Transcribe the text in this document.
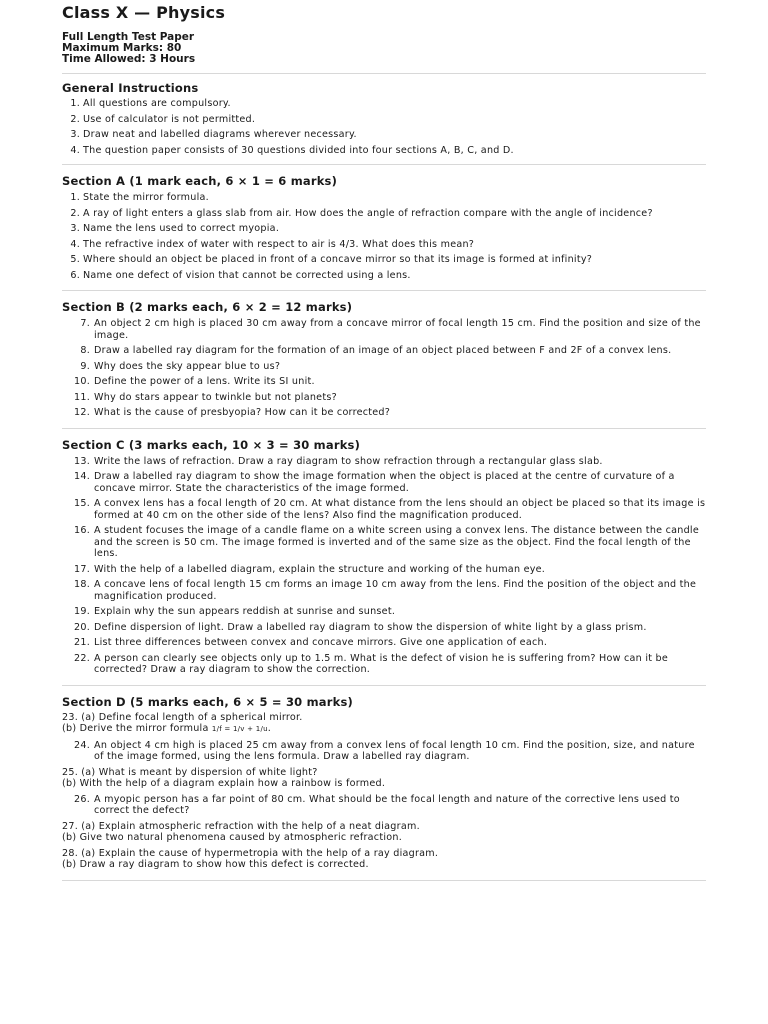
Class X — Physics
Full Length Test Paper
Maximum Marks: 80
Time Allowed: 3 Hours
General Instructions
1. All questions are compulsory.
2. Use of calculator is not permitted.
3. Draw neat and labelled diagrams wherever necessary.
4. The question paper consists of 30 questions divided into four sections A, B, C, and D.
Section A (1 mark each, 6 × 1 = 6 marks)
1. State the mirror formula.
2. A ray of light enters a glass slab from air. How does the angle of refraction compare with the angle of incidence?
3. Name the lens used to correct myopia.
4. The refractive index of water with respect to air is 4/3. What does this mean?
5. Where should an object be placed in front of a concave mirror so that its image is formed at infinity?
6. Name one defect of vision that cannot be corrected using a lens.
Section B (2 marks each, 6 × 2 = 12 marks)
7. An object 2 cm high is placed 30 cm away from a concave mirror of focal length 15 cm. Find the position and size of the image.
8. Draw a labelled ray diagram for the formation of an image of an object placed between F and 2F of a convex lens.
9. Why does the sky appear blue to us?
10. Define the power of a lens. Write its SI unit.
11. Why do stars appear to twinkle but not planets?
12. What is the cause of presbyopia? How can it be corrected?
Section C (3 marks each, 10 × 3 = 30 marks)
13. Write the laws of refraction. Draw a ray diagram to show refraction through a rectangular glass slab.
14. Draw a labelled ray diagram to show the image formation when the object is placed at the centre of curvature of a concave mirror. State the characteristics of the image formed.
15. A convex lens has a focal length of 20 cm. At what distance from the lens should an object be placed so that its image is formed at 40 cm on the other side of the lens? Also find the magnification produced.
16. A student focuses the image of a candle flame on a white screen using a convex lens. The distance between the candle and the screen is 50 cm. The image formed is inverted and of the same size as the object. Find the focal length of the lens.
17. With the help of a labelled diagram, explain the structure and working of the human eye.
18. A concave lens of focal length 15 cm forms an image 10 cm away from the lens. Find the position of the object and the magnification produced.
19. Explain why the sun appears reddish at sunrise and sunset.
20. Define dispersion of light. Draw a labelled ray diagram to show the dispersion of white light by a glass prism.
21. List three differences between convex and concave mirrors. Give one application of each.
22. A person can clearly see objects only up to 1.5 m. What is the defect of vision he is suffering from? How can it be corrected? Draw a ray diagram to show the correction.
Section D (5 marks each, 6 × 5 = 30 marks)
23. (a) Define focal length of a spherical mirror.
(b) Derive the mirror formula 1/f = 1/v + 1/u.
24. An object 4 cm high is placed 25 cm away from a convex lens of focal length 10 cm. Find the position, size, and nature of the image formed, using the lens formula. Draw a labelled ray diagram.
25. (a) What is meant by dispersion of white light?
(b) With the help of a diagram explain how a rainbow is formed.
26. A myopic person has a far point of 80 cm. What should be the focal length and nature of the corrective lens used to correct the defect?
27. (a) Explain atmospheric refraction with the help of a neat diagram.
(b) Give two natural phenomena caused by atmospheric refraction.
28. (a) Explain the cause of hypermetropia with the help of a ray diagram.
(b) Draw a ray diagram to show how this defect is corrected.
